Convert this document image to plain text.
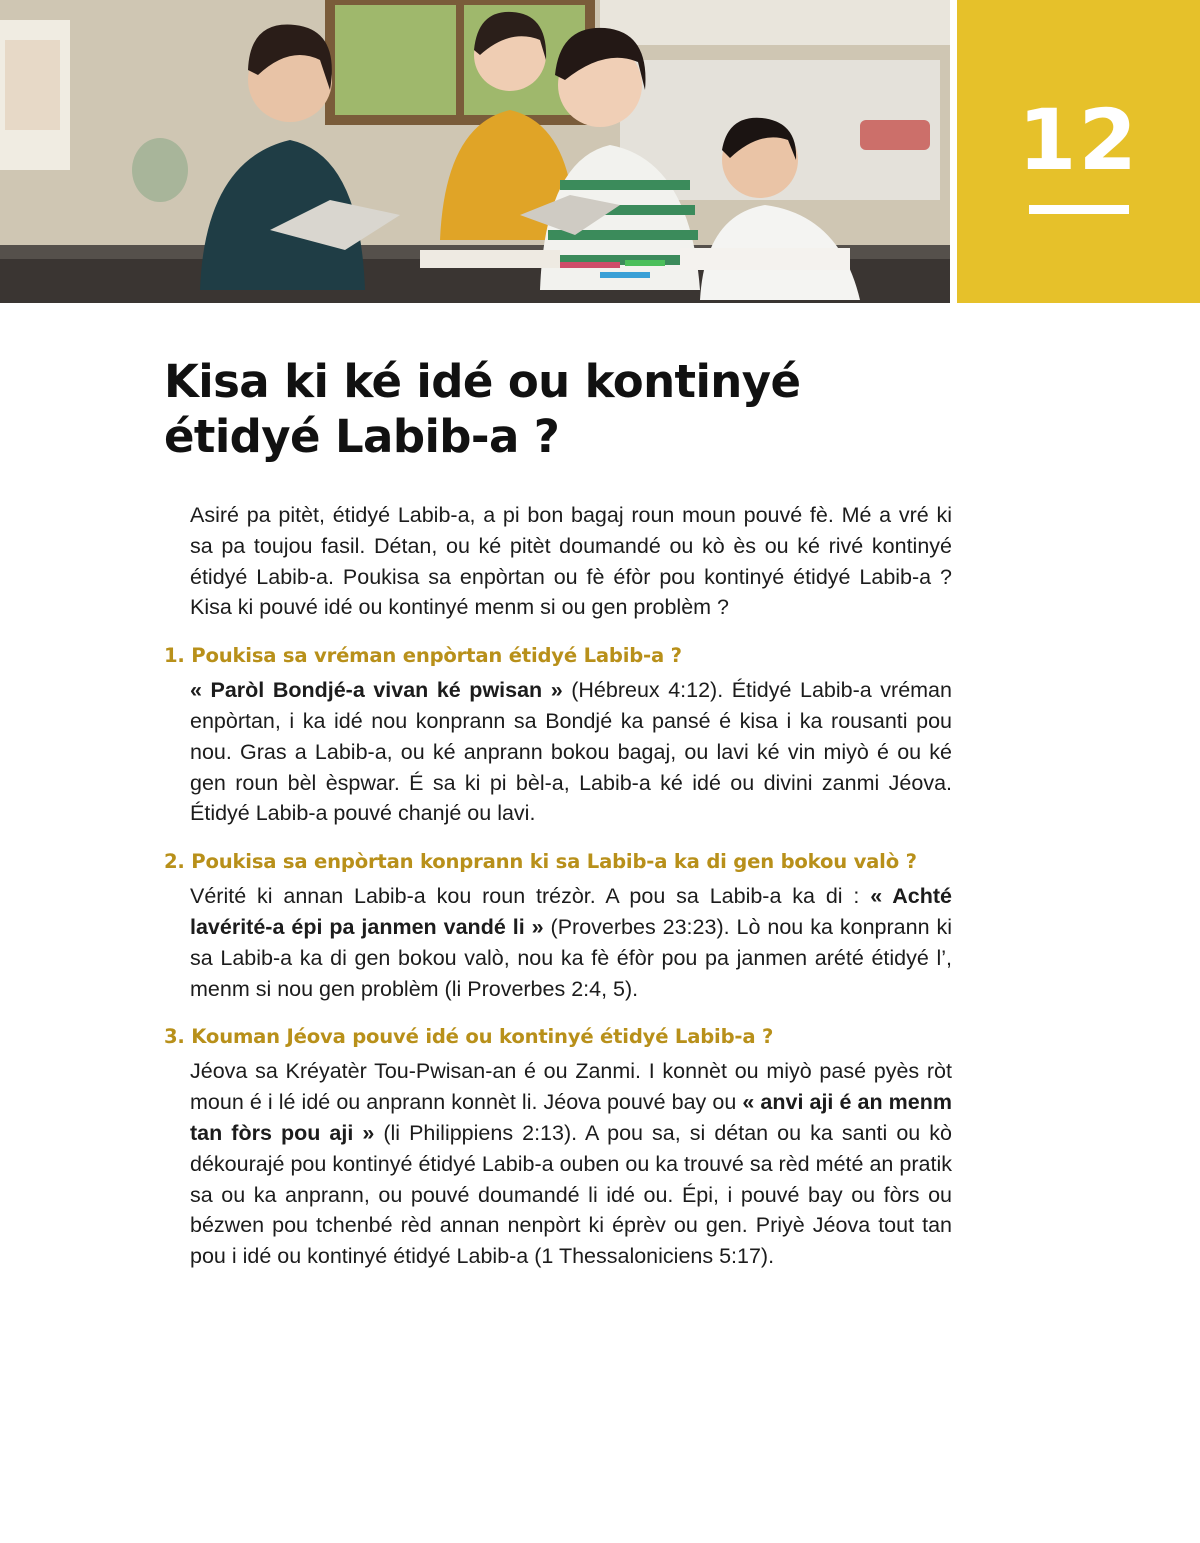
12
Kisa ki ké idé ou kontinyé
étidyé Labib-a ?

Asiré pa pitèt, étidyé Labib-a, a pi bon bagaj roun moun pouvé fè. Mé a vré ki sa pa toujou fasil. Détan, ou ké pitèt doumandé ou kò ès ou ké rivé kontinyé étidyé Labib-a. Poukisa sa enpòrtan ou fè éfòr pou kontinyé étidyé Labib-a ? Kisa ki pouvé idé ou kontinyé menm si ou gen problèm ?

1. Poukisa sa vréman enpòrtan étidyé Labib-a ?

« Paròl Bondjé-a vivan ké pwisan » (Hébreux 4:12). Étidyé Labib-a vréman enpòrtan, i ka idé nou konprann sa Bondjé ka pansé é kisa i ka rousanti pou nou. Gras a Labib-a, ou ké anprann bokou bagaj, ou lavi ké vin miyò é ou ké gen roun bèl èspwar. É sa ki pi bèl-a, Labib-a ké idé ou divini zanmi Jéova. Étidyé Labib-a pouvé chanjé ou lavi.

2. Poukisa sa enpòrtan konprann ki sa Labib-a ka di gen bokou valò ?

Vérité ki annan Labib-a kou roun trézòr. A pou sa Labib-a ka di : « Achté lavérité-a épi pa janmen vandé li » (Proverbes 23:23). Lò nou ka konprann ki sa Labib-a ka di gen bokou valò, nou ka fè éfòr pou pa janmen arété étidyé l’, menm si nou gen problèm (li Proverbes 2:4, 5).

3. Kouman Jéova pouvé idé ou kontinyé étidyé Labib-a ?

Jéova sa Kréyatèr Tou-Pwisan-an é ou Zanmi. I konnèt ou miyò pasé pyès ròt moun é i lé idé ou anprann konnèt li. Jéova pouvé bay ou « anvi aji é an menm tan fòrs pou aji » (li Philippiens 2:13). A pou sa, si détan ou ka santi ou kò dékourajé pou kontinyé étidyé Labib-a ouben ou ka trouvé sa rèd mété an pratik sa ou ka anprann, ou pouvé doumandé li idé ou. Épi, i pouvé bay ou fòrs ou bézwen pou tchenbé rèd annan nenpòrt ki éprèv ou gen. Priyè Jéova tout tan pou i idé ou kontinyé étidyé Labib-a (1 Thessaloniciens 5:17).
